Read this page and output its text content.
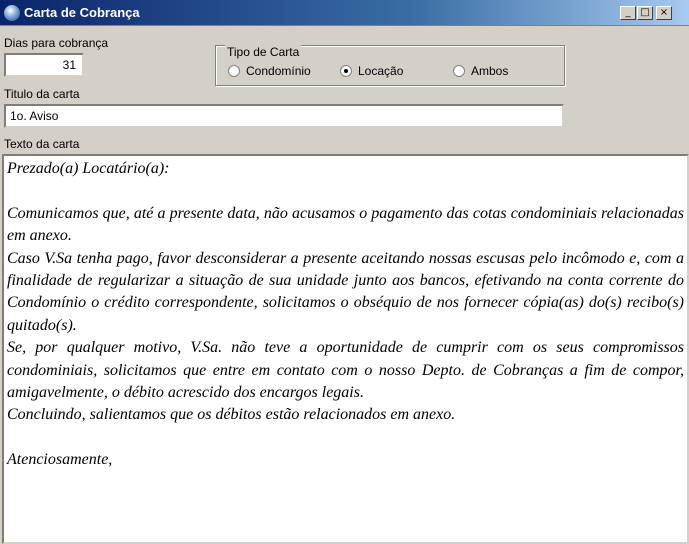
Carta de Cobrança	_ □	×
Dias para cobrança
31
Tipo de Carta
Condomínio	Locação	Ambos
Titulo da carta
1o. Aviso
Texto da carta

Prezado(a) Locatário(a):

Comunicamos que, até a presente data, não acusamos o pagamento das cotas condominiais relacionadas em anexo.

Caso V.Sa tenha pago, favor desconsiderar a presente aceitando nossas escusas pelo incômodo e, com a finalidade de regularizar a situação de sua unidade junto aos bancos, efetivando na conta corrente do Condomínio o crédito correspondente, solicitamos o obséquio de nos fornecer cópia(as) do(s) recibo(s) quitado(s).

Se, por qualquer motivo, V.Sa. não teve a oportunidade de cumprir com os seus compromissos condominiais, solicitamos que entre em contato com o nosso Depto. de Cobranças a fim de compor, amigavelmente, o débito acrescido dos encargos legais.

Concluindo, salientamos que os débitos estão relacionados em anexo.

Atenciosamente,
